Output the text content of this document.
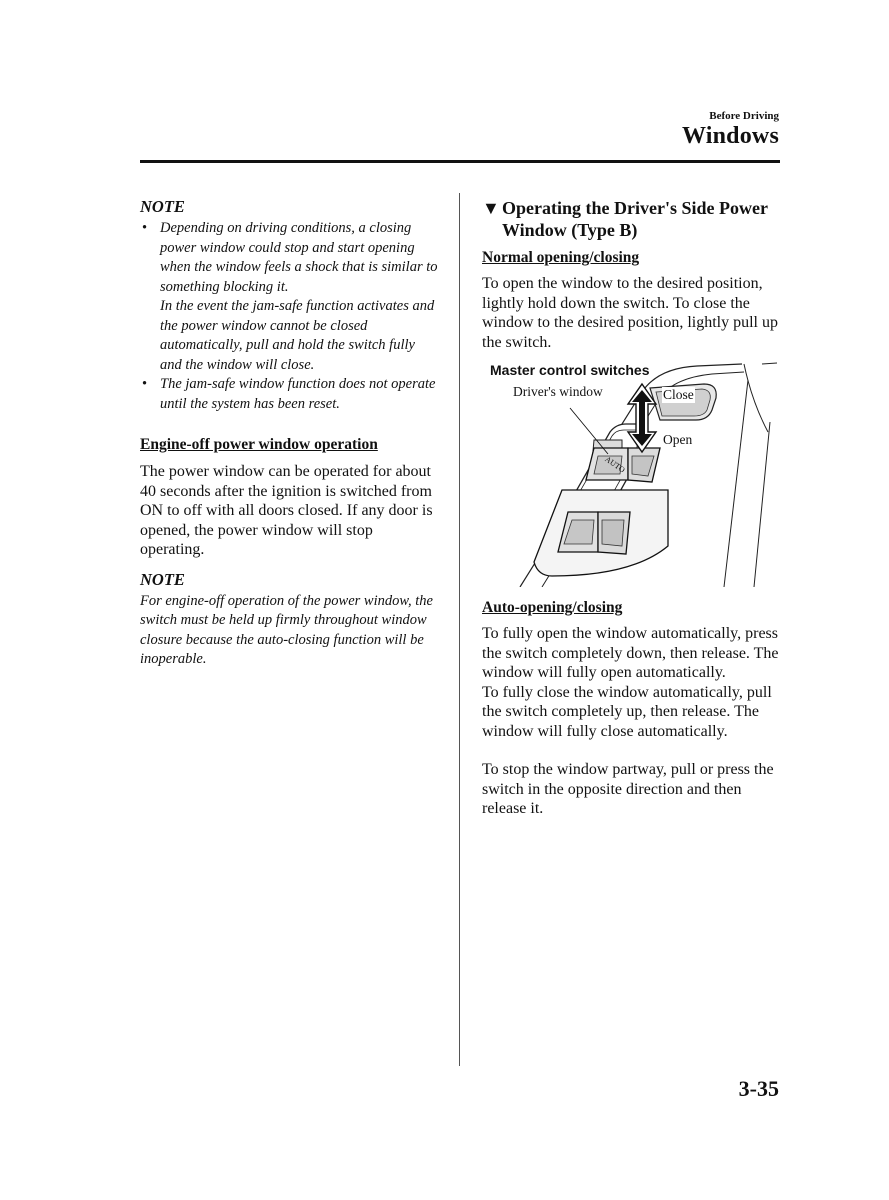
Before Driving
Windows
NOTE
• Depending on driving conditions, a closing power window could stop and start opening when the window feels a shock that is similar to something blocking it.

In the event the jam-safe function activates and the power window cannot be closed automatically, pull and hold the switch fully and the window will close.

• The jam-safe window function does not operate until the system has been reset.

Engine-off power window operation

The power window can be operated for about 40 seconds after the ignition is switched from ON to off with all doors closed. If any door is opened, the power window will stop operating.

NOTE

For engine-off operation of the power window, the switch must be held up firmly throughout window closure because the auto-closing function will be inoperable.

▼ Operating the Driver's Side Power Window (Type B)
Normal opening/closing

To open the window to the desired position, lightly hold down the switch. To close the window to the desired position, lightly pull up the switch.

Master control switches
Driver's window	Close
Open
AUTO
Auto-opening/closing

To fully open the window automatically, press the switch completely down, then release. The window will fully open automatically.

To fully close the window automatically, pull the switch completely up, then release. The window will fully close automatically.

To stop the window partway, pull or press the switch in the opposite direction and then release it.

3-35
